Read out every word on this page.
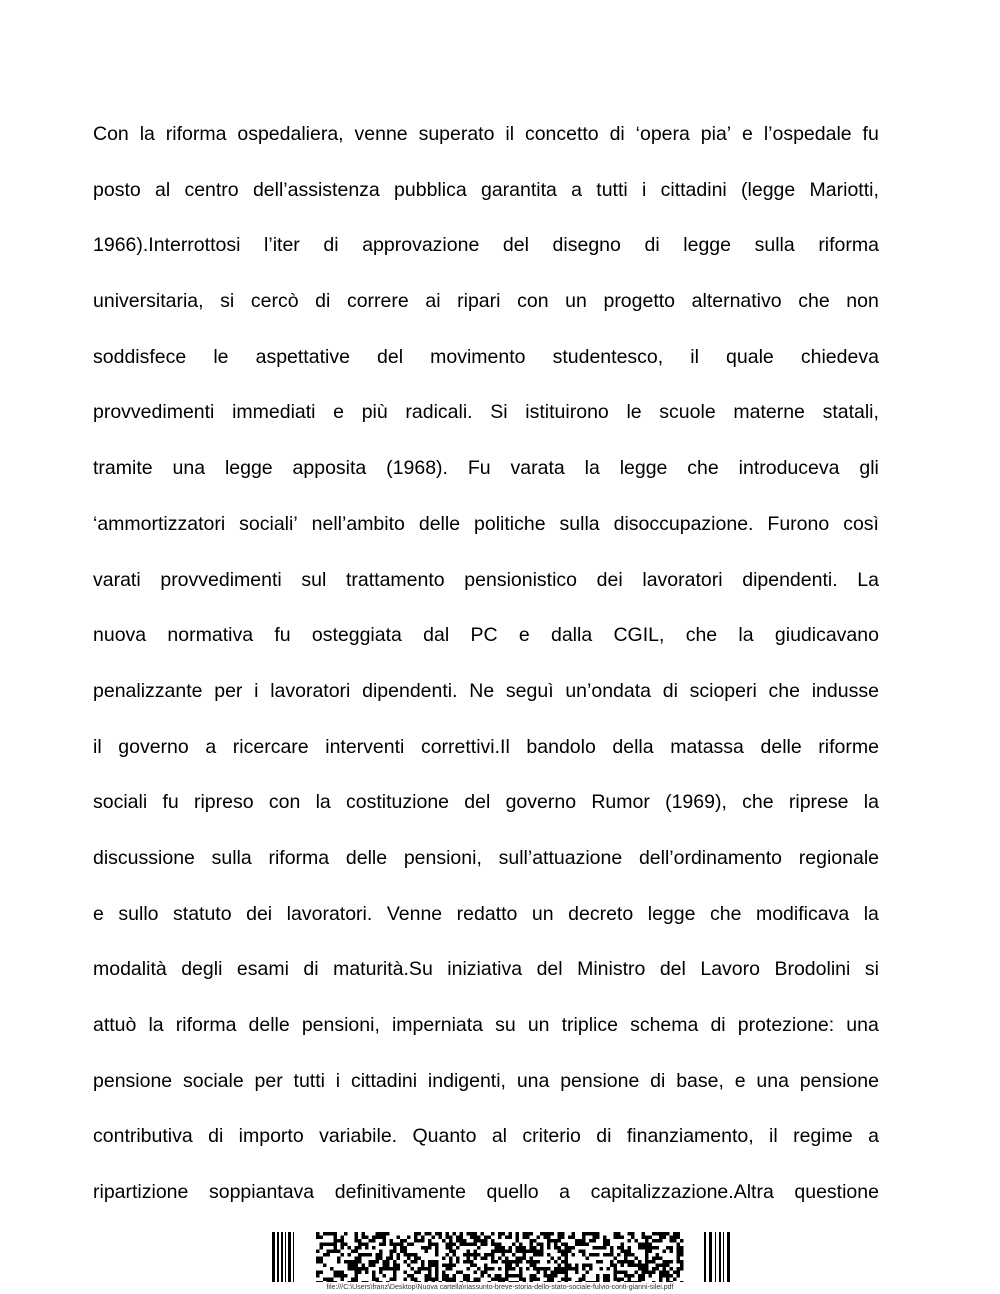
Con la riforma ospedaliera, venne superato il concetto di ‘opera pia’ e l’ospedale fu
posto al centro dell’assistenza pubblica garantita a tutti i cittadini (legge Mariotti,
1966).Interrottosi l’iter di approvazione del disegno di legge sulla riforma
universitaria, si cercò di correre ai ripari con un progetto alternativo che non
soddisfece le aspettative del movimento studentesco, il quale chiedeva
provvedimenti immediati e più radicali. Si istituirono le scuole materne statali,
tramite una legge apposita (1968). Fu varata la legge che introduceva gli
‘ammortizzatori sociali’ nell’ambito delle politiche sulla disoccupazione. Furono così
varati provvedimenti sul trattamento pensionistico dei lavoratori dipendenti. La
nuova normativa fu osteggiata dal PC e dalla CGIL, che la giudicavano
penalizzante per i lavoratori dipendenti. Ne seguì un’ondata di scioperi che indusse
il governo a ricercare interventi correttivi.Il bandolo della matassa delle riforme
sociali fu ripreso con la costituzione del governo Rumor (1969), che riprese la
discussione sulla riforma delle pensioni, sull’attuazione dell’ordinamento regionale
e sullo statuto dei lavoratori. Venne redatto un decreto legge che modificava la
modalità degli esami di maturità.Su iniziativa del Ministro del Lavoro Brodolini si
attuò la riforma delle pensioni, imperniata su un triplice schema di protezione: una
pensione sociale per tutti i cittadini indigenti, una pensione di base, e una pensione
contributiva di importo variabile. Quanto al criterio di finanziamento, il regime a
ripartizione soppiantava definitivamente quello a capitalizzazione.Altra questione
file:///C:\Users\franz\Desktop\Nuova cartella\riassunto-breve-storia-dello-stato-sociale-fulvio-conti-gianni-silei.pdf
